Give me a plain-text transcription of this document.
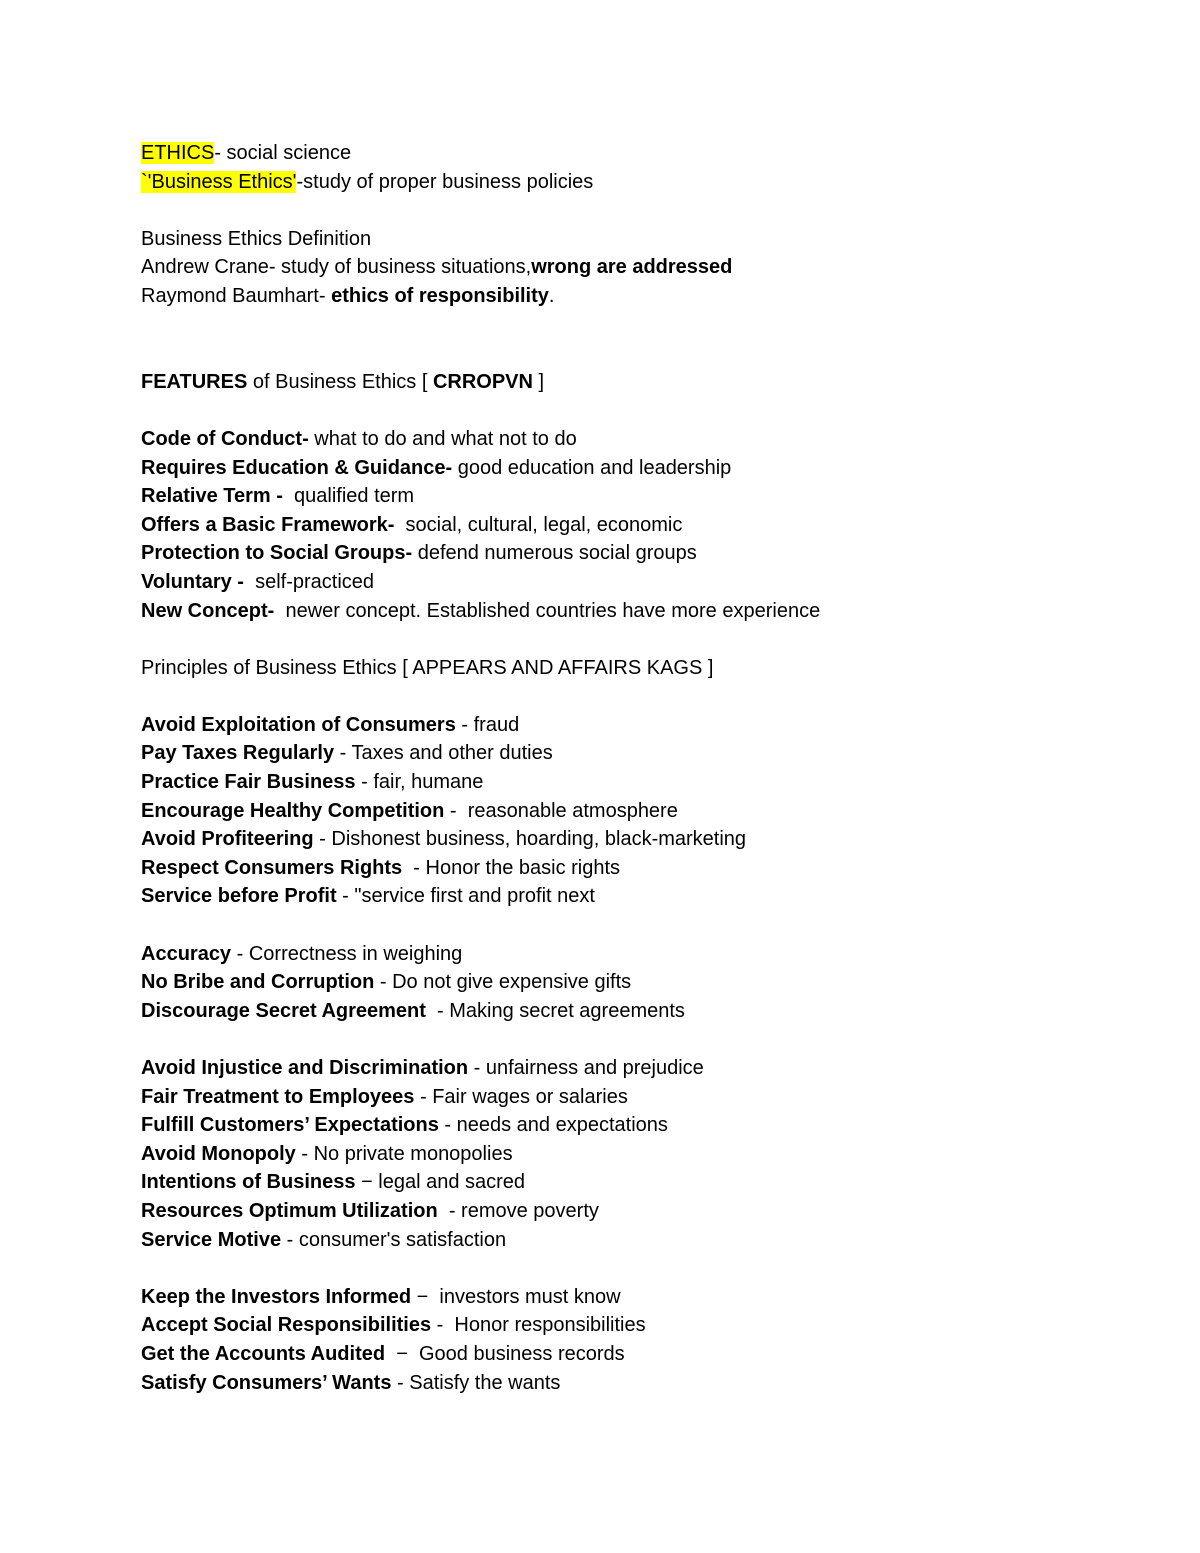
ETHICS- social science
`'Business Ethics'-study of proper business policies
Business Ethics Definition
Andrew Crane- study of business situations,wrong are addressed
Raymond Baumhart- ethics of responsibility.
FEATURES of Business Ethics [ CRROPVN ]
Code of Conduct- what to do and what not to do
Requires Education & Guidance- good education and leadership
Relative Term -  qualified term
Offers a Basic Framework-  social, cultural, legal, economic
Protection to Social Groups- defend numerous social groups
Voluntary -  self-practiced
New Concept-  newer concept. Established countries have more experience
Principles of Business Ethics [ APPEARS AND AFFAIRS KAGS ]
Avoid Exploitation of Consumers - fraud
Pay Taxes Regularly - Taxes and other duties
Practice Fair Business - fair, humane
Encourage Healthy Competition -  reasonable atmosphere
Avoid Profiteering - Dishonest business, hoarding, black-marketing
Respect Consumers Rights  - Honor the basic rights
Service before Profit - "service first and profit next
Accuracy - Correctness in weighing
No Bribe and Corruption - Do not give expensive gifts
Discourage Secret Agreement  - Making secret agreements
Avoid Injustice and Discrimination - unfairness and prejudice
Fair Treatment to Employees - Fair wages or salaries
Fulfill Customers’ Expectations - needs and expectations
Avoid Monopoly - No private monopolies
Intentions of Business − legal and sacred
Resources Optimum Utilization  - remove poverty
Service Motive - consumer's satisfaction
Keep the Investors Informed −  investors must know
Accept Social Responsibilities -  Honor responsibilities
Get the Accounts Audited  −  Good business records
Satisfy Consumers’ Wants - Satisfy the wants
